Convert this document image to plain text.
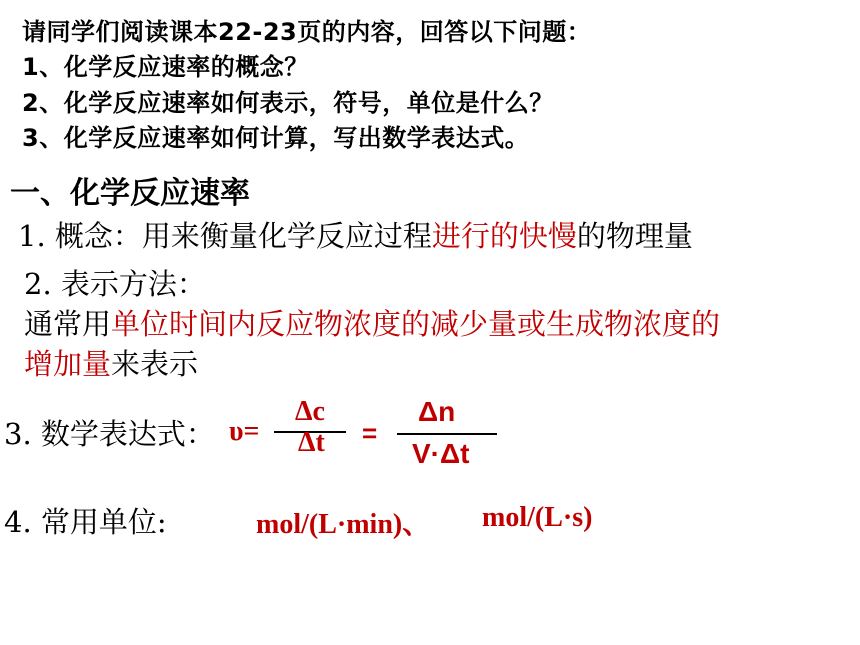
请同学们阅读课本22-23页的内容，回答以下问题：
1、化学反应速率的概念？
2、化学反应速率如何表示，符号，单位是什么？
3、化学反应速率如何计算，写出数学表达式。
一、化学反应速率
1. 概念：用来衡量化学反应过程进行的快慢的物理量
2. 表示方法：
通常用单位时间内反应物浓度的减少量或生成物浓度的
增加量来表示
3. 数学表达式： υ=
Δc
Δt =
Δn
V·Δt
4. 常用单位:	mol/(L·min)、 mol/(L·s)
